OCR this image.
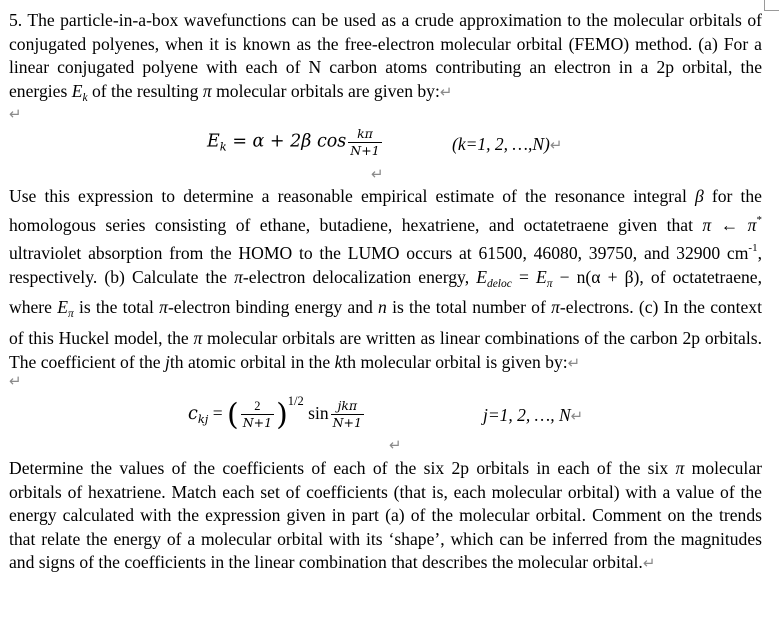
5. The particle-in-a-box wavefunctions can be used as a crude approximation to the molecular orbitals of conjugated polyenes, when it is known as the free-electron molecular orbital (FEMO) method. (a) For a linear conjugated polyene with each of N carbon atoms contributing an electron in a 2p orbital, the energies $E_k$ of the resulting π molecular orbitals are given by:↵

↵
$E_k = \alpha + 2\beta$ $\cos \frac{k\pi}{N+1}$	(k=1, 2, …,N)↵
↵

Use this expression to determine a reasonable empirical estimate of the resonance integral β for the homologous series consisting of ethane, butadiene, hexatriene, and octatetraene given that π ← π* ultraviolet absorption from the HOMO to the LUMO occurs at 61500, 46080, 39750, and 32900 $cm^{-1}$, respectively. (b) Calculate the π-electron delocalization energy, $E_{deloc} = E_\pi - n(\alpha + \beta)$, of octatetraene, where $E_\pi$ is the total π-electron binding energy and n is the total number of π-electrons. (c) In the context of this Huckel model, the π molecular orbitals are written as linear combinations of the carbon 2p orbitals. The coefficient of the jth atomic orbital in the kth molecular orbital is given by:↵

↵
$c_{kj}$ = ( $\frac{2}{N+1} )^{1/2}$ $\sin \frac{\text{jkπ}}{N+1}$	j=1, 2, …, N↵
↵

Determine the values of the coefficients of each of the six 2p orbitals in each of the six π molecular orbitals of hexatriene. Match each set of coefficients (that is, each molecular orbital) with a value of the energy calculated with the expression given in part (a) of the molecular orbital. Comment on the trends that relate the energy of a molecular orbital with its ‘shape’, which can be inferred from the magnitudes and signs of the coefficients in the linear combination that describes the molecular orbital.↵
